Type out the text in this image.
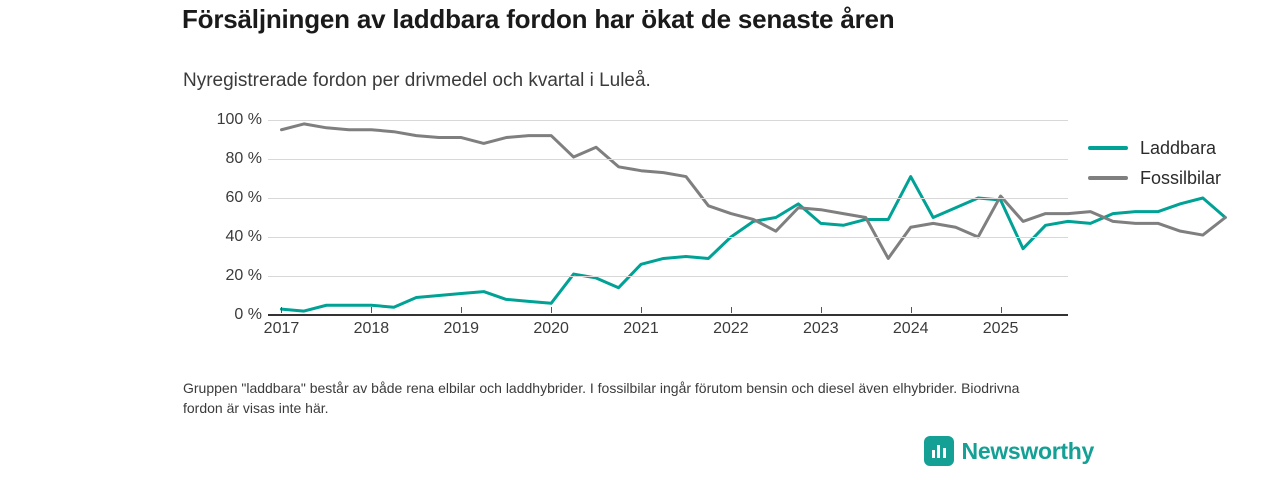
Försäljningen av laddbara fordon har ökat de senaste åren
Nyregistrerade fordon per drivmedel och kvartal i Luleå.
0 %
20 %
40 %
60 %
80 %
100 %
2017	2018	2019	2020	2021	2022	2023	2024	2025
Laddbara
Fossilbilar
Gruppen "laddbara" består av både rena elbilar och laddhybrider. I fossilbilar ingår förutom bensin och diesel även elhybrider. Biodrivna fordon är visas inte här.
Newsworthy
